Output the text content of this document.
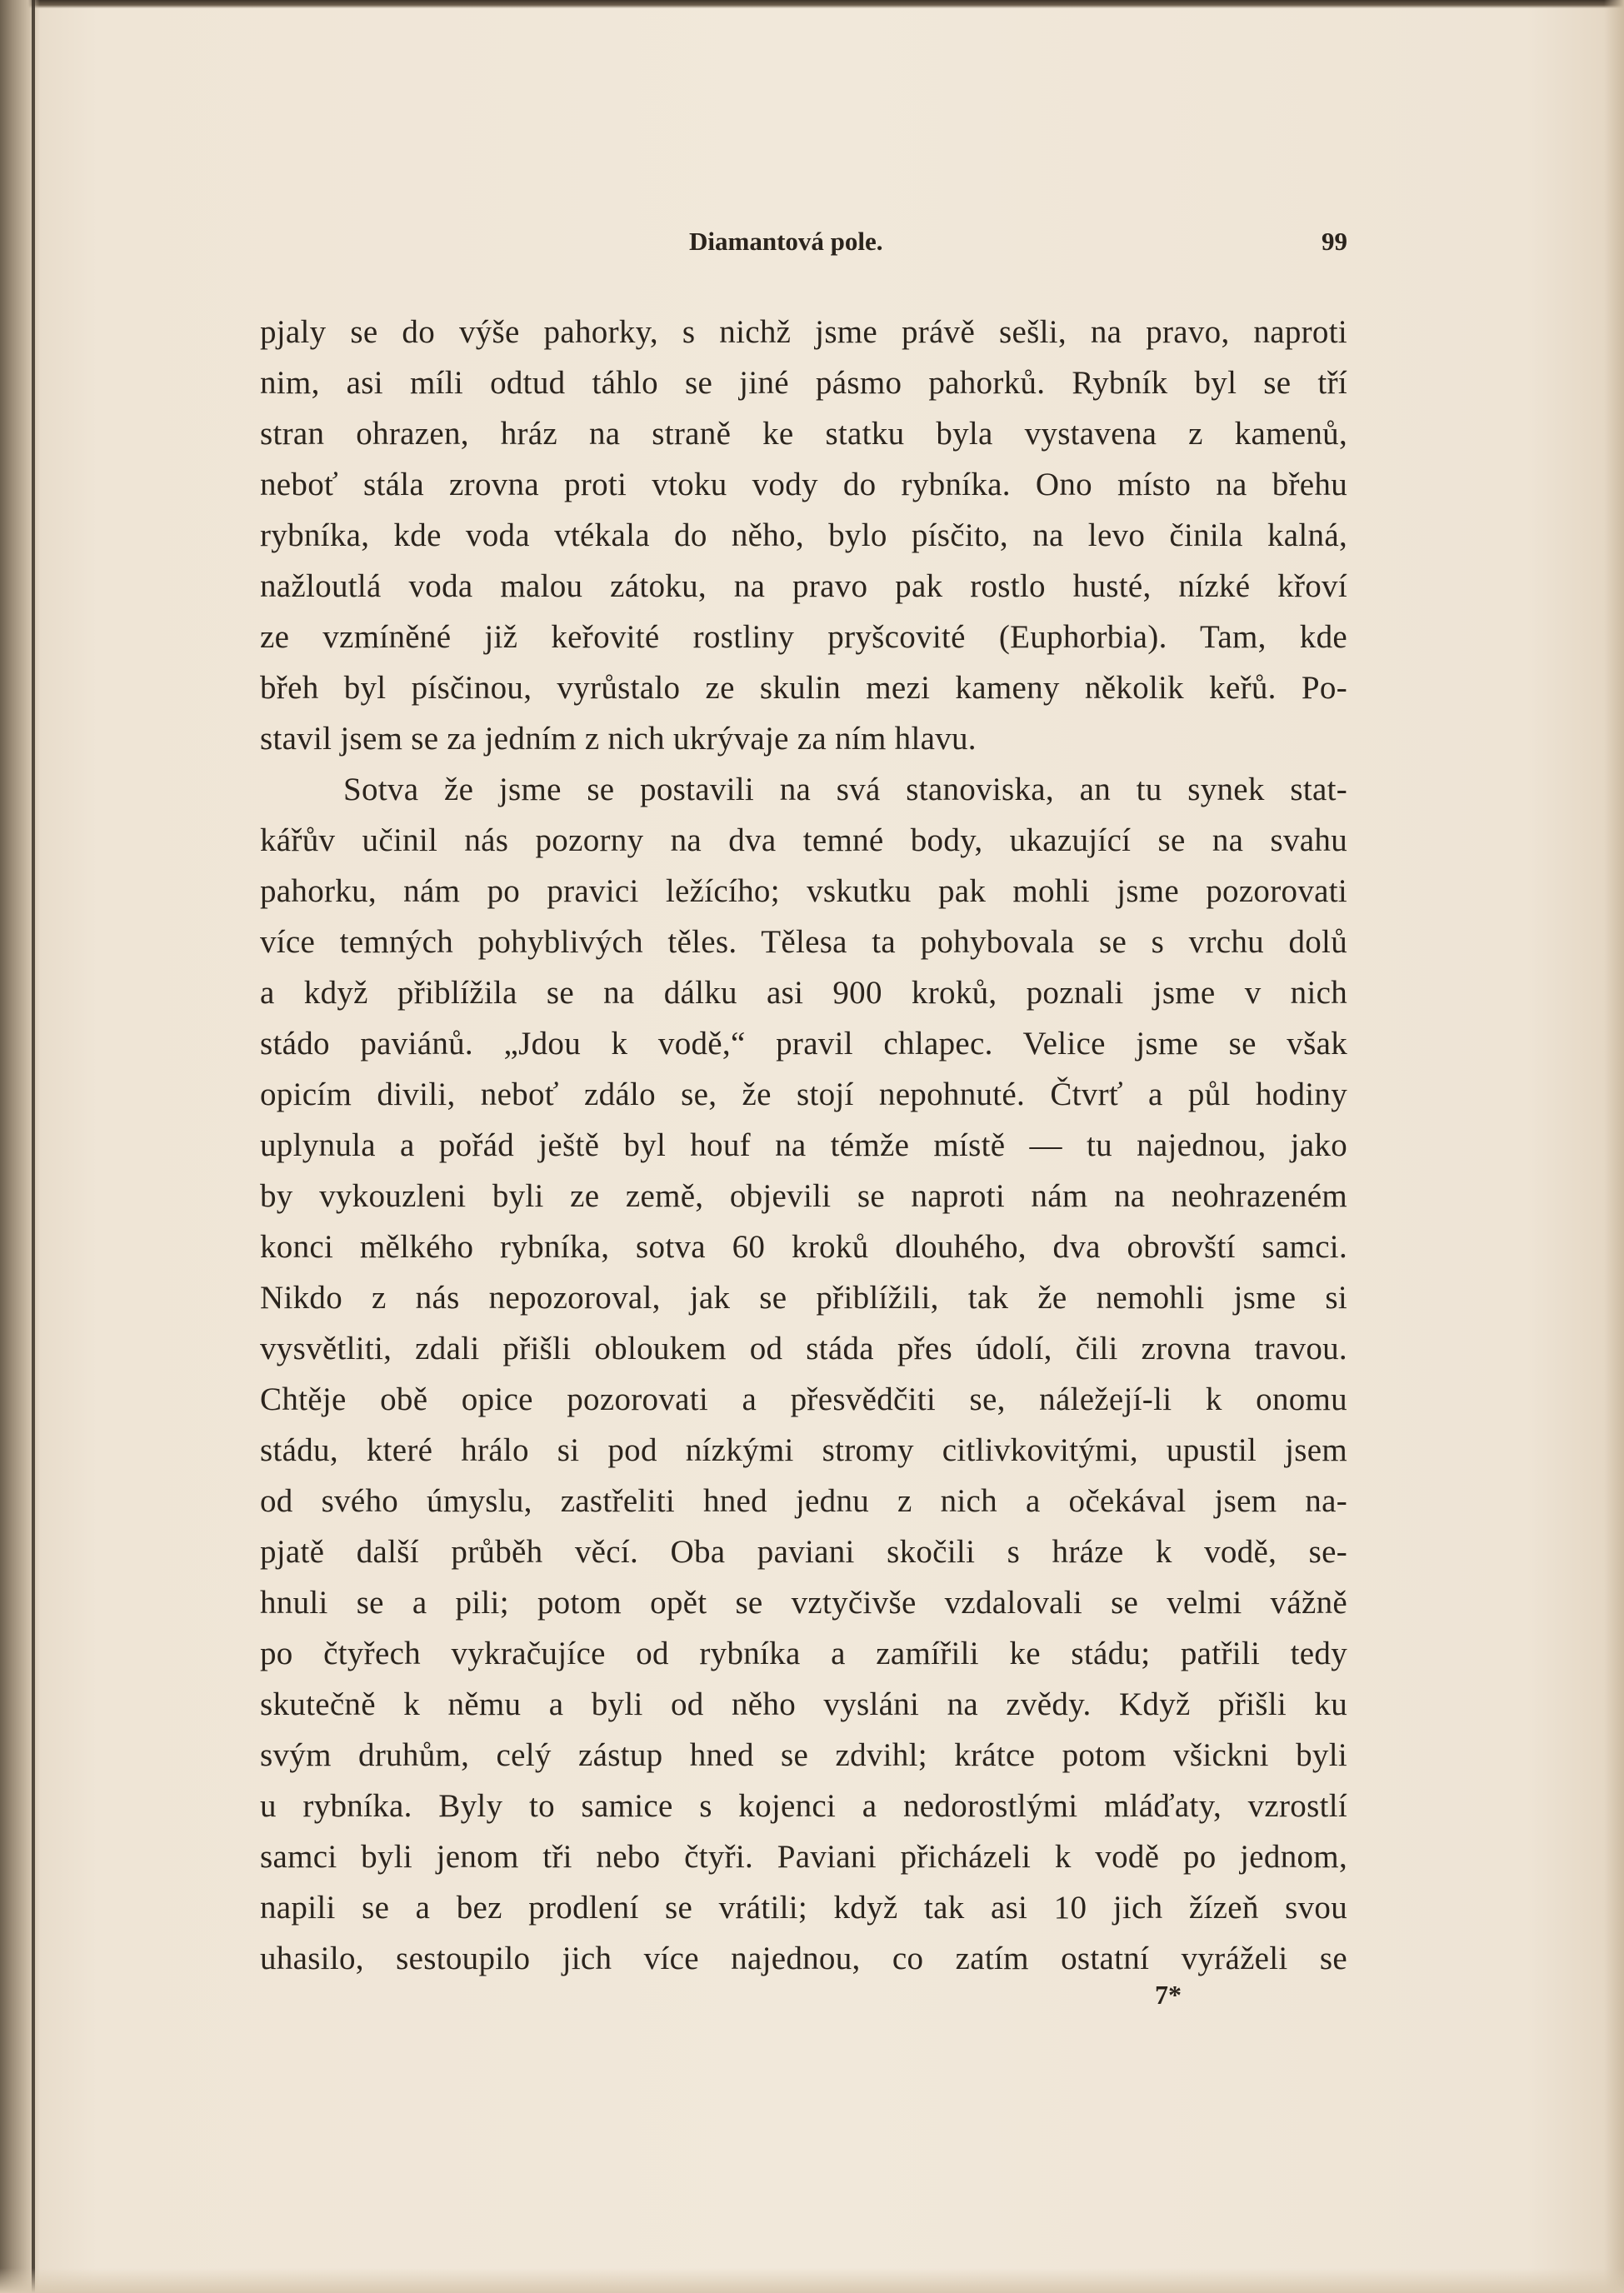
Diamantová pole.	99
pjaly se do výše pahorky, s nichž jsme právě sešli, na pravo, naproti
nim, asi míli odtud táhlo se jiné pásmo pahorků. Rybník byl se tří
stran ohrazen, hráz na straně ke statku byla vystavena z kamenů,
neboť stála zrovna proti vtoku vody do rybníka. Ono místo na břehu
rybníka, kde voda vtékala do něho, bylo písčito, na levo činila kalná,
nažloutlá voda malou zátoku, na pravo pak rostlo husté, nízké křoví
ze vzmíněné již keřovité rostliny pryšcovité (Euphorbia). Tam, kde
břeh byl písčinou, vyrůstalo ze skulin mezi kameny několik keřů. Po-
stavil jsem se za jedním z nich ukrývaje za ním hlavu.
Sotva že jsme se postavili na svá stanoviska, an tu synek stat-
kářův učinil nás pozorny na dva temné body, ukazující se na svahu
pahorku, nám po pravici ležícího; vskutku pak mohli jsme pozorovati
více temných pohyblivých těles. Tělesa ta pohybovala se s vrchu dolů
a když přiblížila se na dálku asi 900 kroků, poznali jsme v nich
stádo paviánů. „Jdou k vodě,“ pravil chlapec. Velice jsme se však
opicím divili, neboť zdálo se, že stojí nepohnuté. Čtvrť a půl hodiny
uplynula a pořád ještě byl houf na témže místě — tu najednou, jako
by vykouzleni byli ze země, objevili se naproti nám na neohrazeném
konci mělkého rybníka, sotva 60 kroků dlouhého, dva obrovští samci.
Nikdo z nás nepozoroval, jak se přiblížili, tak že nemohli jsme si
vysvětliti, zdali přišli obloukem od stáda přes údolí, čili zrovna travou.
Chtěje obě opice pozorovati a přesvědčiti se, náležejí-li k onomu
stádu, které hrálo si pod nízkými stromy citlivkovitými, upustil jsem
od svého úmyslu, zastřeliti hned jednu z nich a očekával jsem na-
pjatě další průběh věcí. Oba paviani skočili s hráze k vodě, se-
hnuli se a pili; potom opět se vztyčivše vzdalovali se velmi vážně
po čtyřech vykračujíce od rybníka a zamířili ke stádu; patřili tedy
skutečně k němu a byli od něho vysláni na zvědy. Když přišli ku
svým druhům, celý zástup hned se zdvihl; krátce potom všickni byli
u rybníka. Byly to samice s kojenci a nedorostlými mláďaty, vzrostlí
samci byli jenom tři nebo čtyři. Paviani přicházeli k vodě po jednom,
napili se a bez prodlení se vrátili; když tak asi 10 jich žízeň svou
uhasilo, sestoupilo jich více najednou, co zatím ostatní vyráželi se
7*
